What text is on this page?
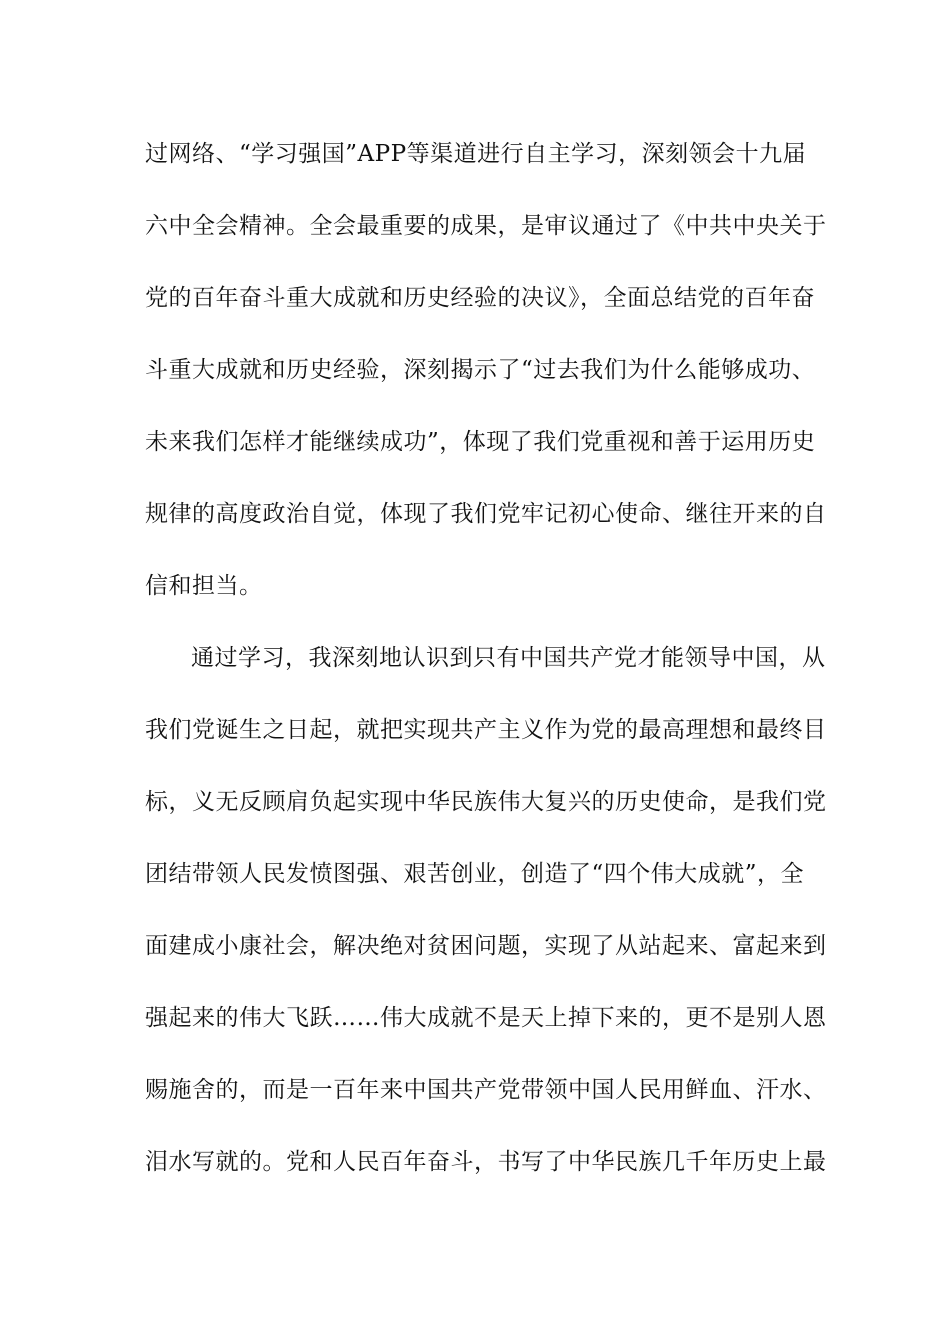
过网络、“学习强国”APP等渠道进行自主学习，深刻领会十九届
六中全会精神。全会最重要的成果，是审议通过了《中共中央关于
党的百年奋斗重大成就和历史经验的决议》，全面总结党的百年奋
斗重大成就和历史经验，深刻揭示了“过去我们为什么能够成功、
未来我们怎样才能继续成功”，体现了我们党重视和善于运用历史
规律的高度政治自觉，体现了我们党牢记初心使命、继往开来的自
信和担当。
通过学习，我深刻地认识到只有中国共产党才能领导中国，从
我们党诞生之日起，就把实现共产主义作为党的最高理想和最终目
标，义无反顾肩负起实现中华民族伟大复兴的历史使命，是我们党
团结带领人民发愤图强、艰苦创业，创造了“四个伟大成就”，全
面建成小康社会，解决绝对贫困问题，实现了从站起来、富起来到
强起来的伟大飞跃……伟大成就不是天上掉下来的，更不是别人恩
赐施舍的，而是一百年来中国共产党带领中国人民用鲜血、汗水、
泪水写就的。党和人民百年奋斗，书写了中华民族几千年历史上最
